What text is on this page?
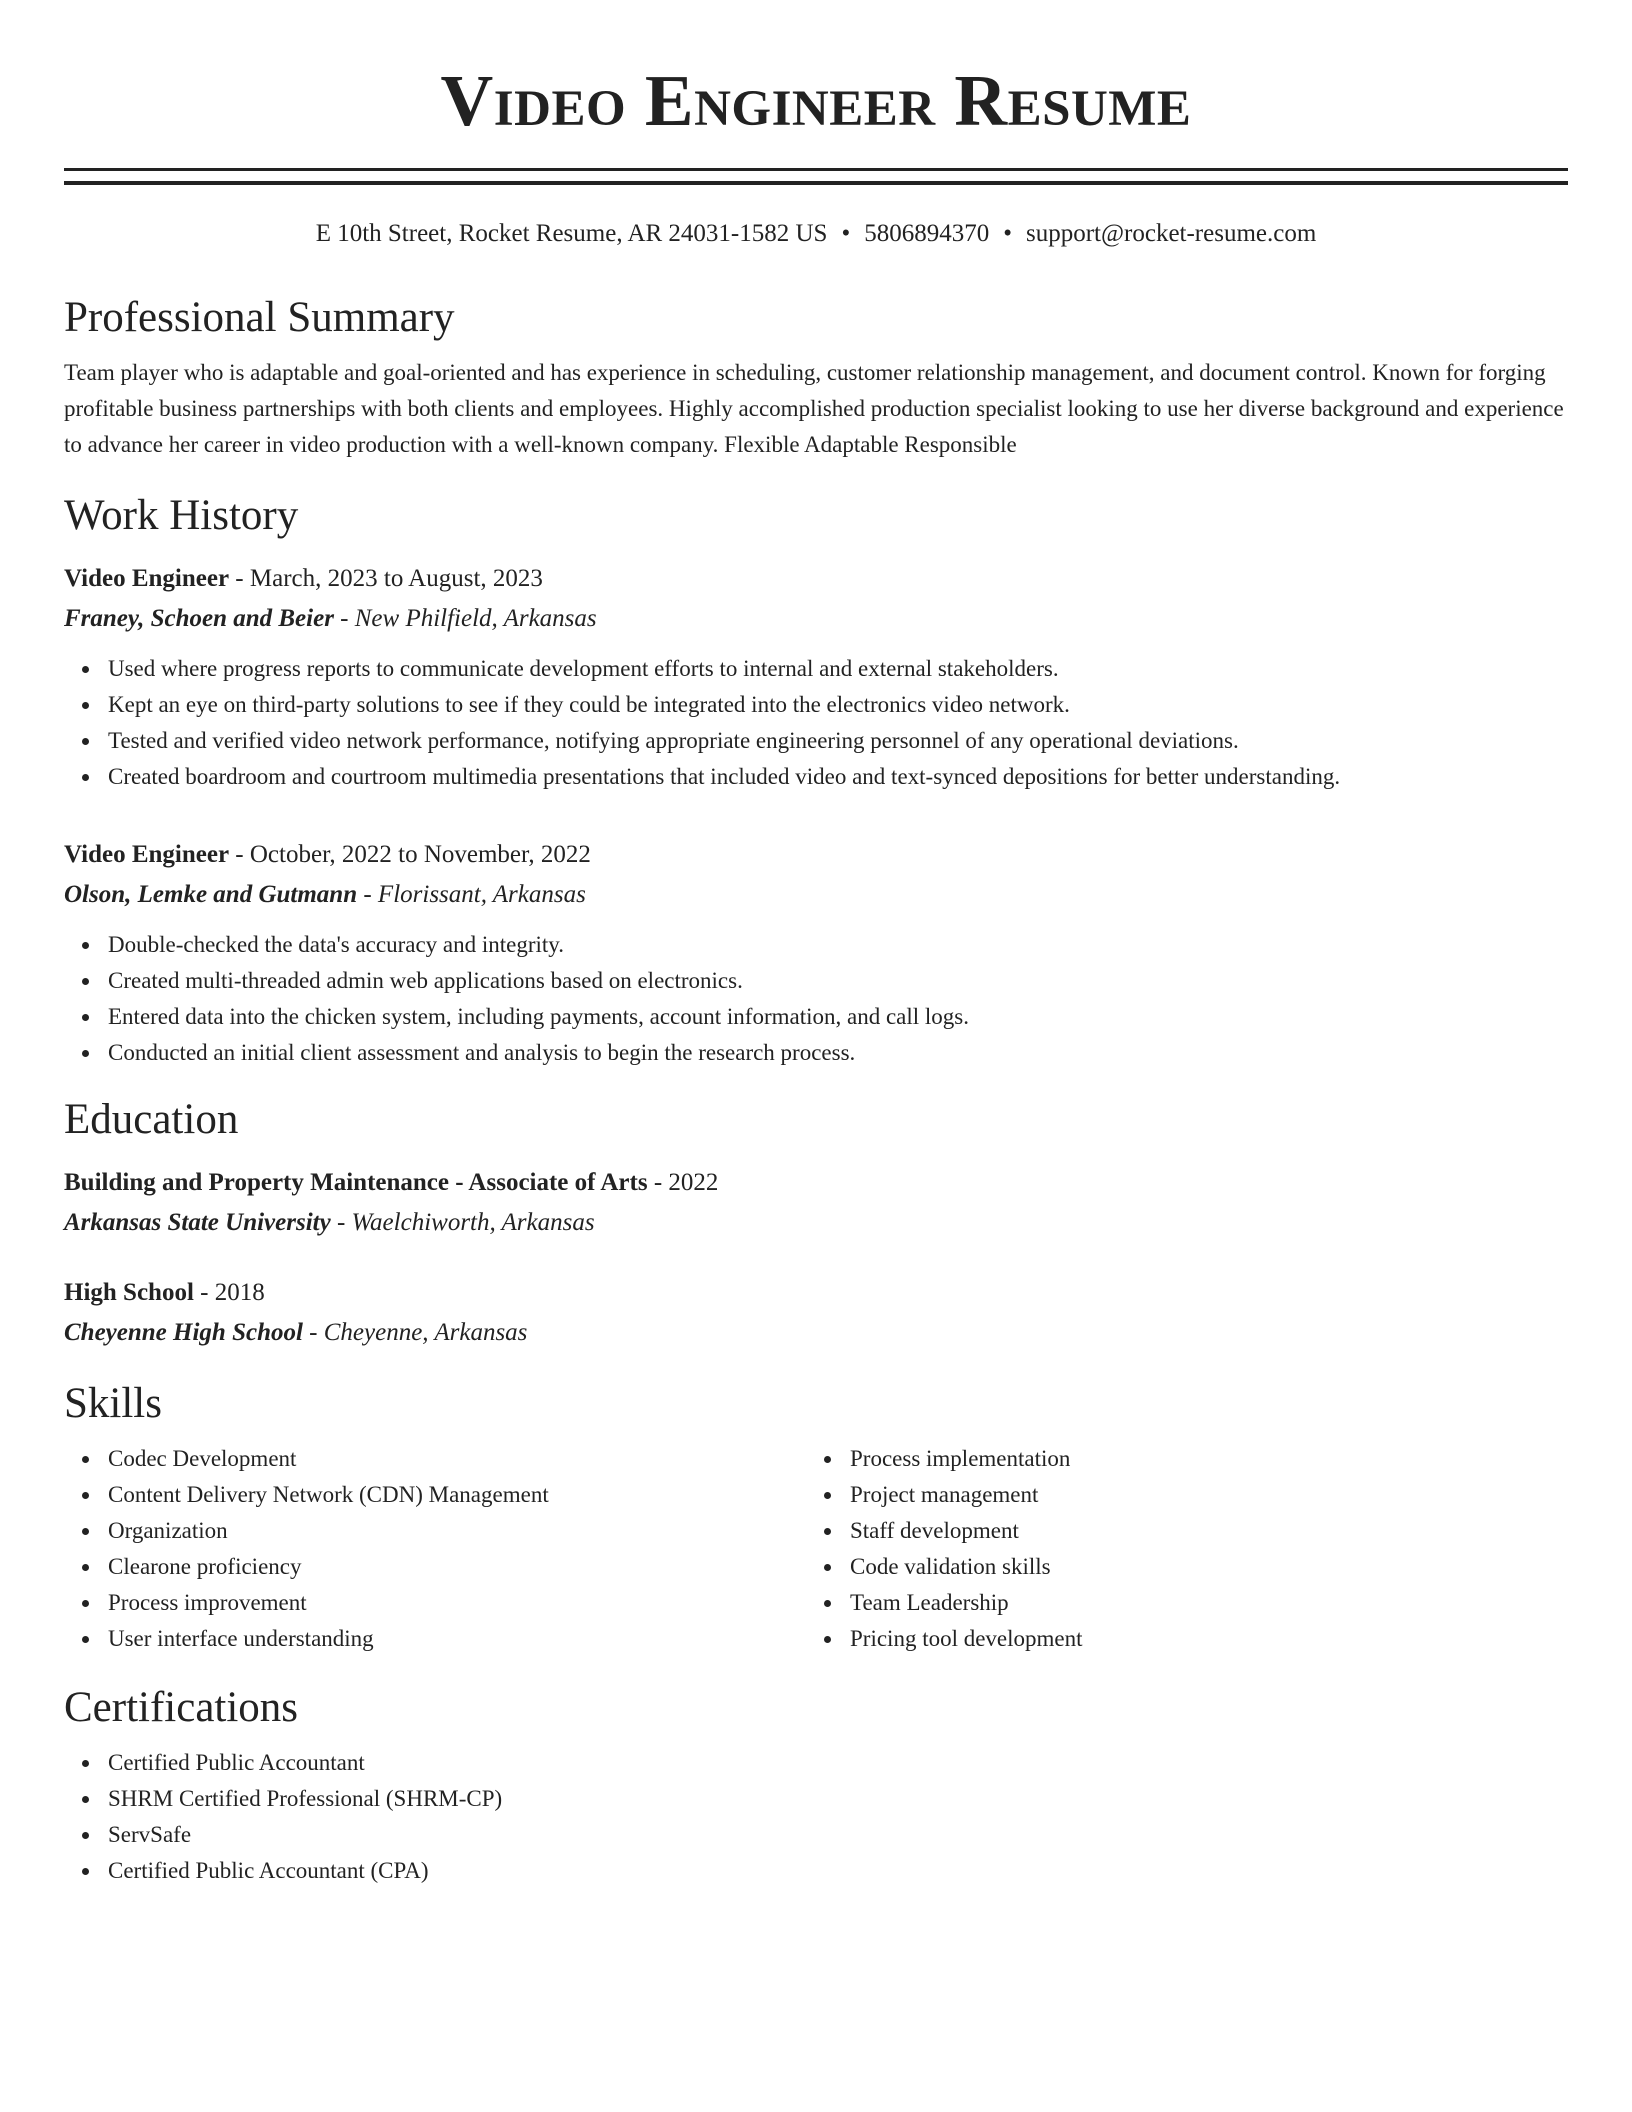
Video Engineer Resume
E 10th Street, Rocket Resume, AR 24031-1582 US • 5806894370 • support@rocket-resume.com
Professional Summary

Team player who is adaptable and goal-oriented and has experience in scheduling, customer relationship management, and document control. Known for forging profitable business partnerships with both clients and employees. Highly accomplished production specialist looking to use her diverse background and experience to advance her career in video production with a well-known company. Flexible Adaptable Responsible

Work History
Video Engineer - March, 2023 to August, 2023
Franey, Schoen and Beier - New Philfield, Arkansas
Used where progress reports to communicate development efforts to internal and external stakeholders.
Kept an eye on third-party solutions to see if they could be integrated into the electronics video network.
Tested and verified video network performance, notifying appropriate engineering personnel of any operational deviations.
Created boardroom and courtroom multimedia presentations that included video and text-synced depositions for better understanding.
Video Engineer - October, 2022 to November, 2022
Olson, Lemke and Gutmann - Florissant, Arkansas
Double-checked the data's accuracy and integrity.
Created multi-threaded admin web applications based on electronics.
Entered data into the chicken system, including payments, account information, and call logs.
Conducted an initial client assessment and analysis to begin the research process.
Education
Building and Property Maintenance - Associate of Arts - 2022
Arkansas State University - Waelchiworth, Arkansas
High School - 2018
Cheyenne High School - Cheyenne, Arkansas
Skills
Codec Development
Content Delivery Network (CDN) Management
Organization
Clearone proficiency
Process improvement
User interface understanding
Process implementation
Project management
Staff development
Code validation skills
Team Leadership
Pricing tool development
Certifications
Certified Public Accountant
SHRM Certified Professional (SHRM-CP)
ServSafe
Certified Public Accountant (CPA)
